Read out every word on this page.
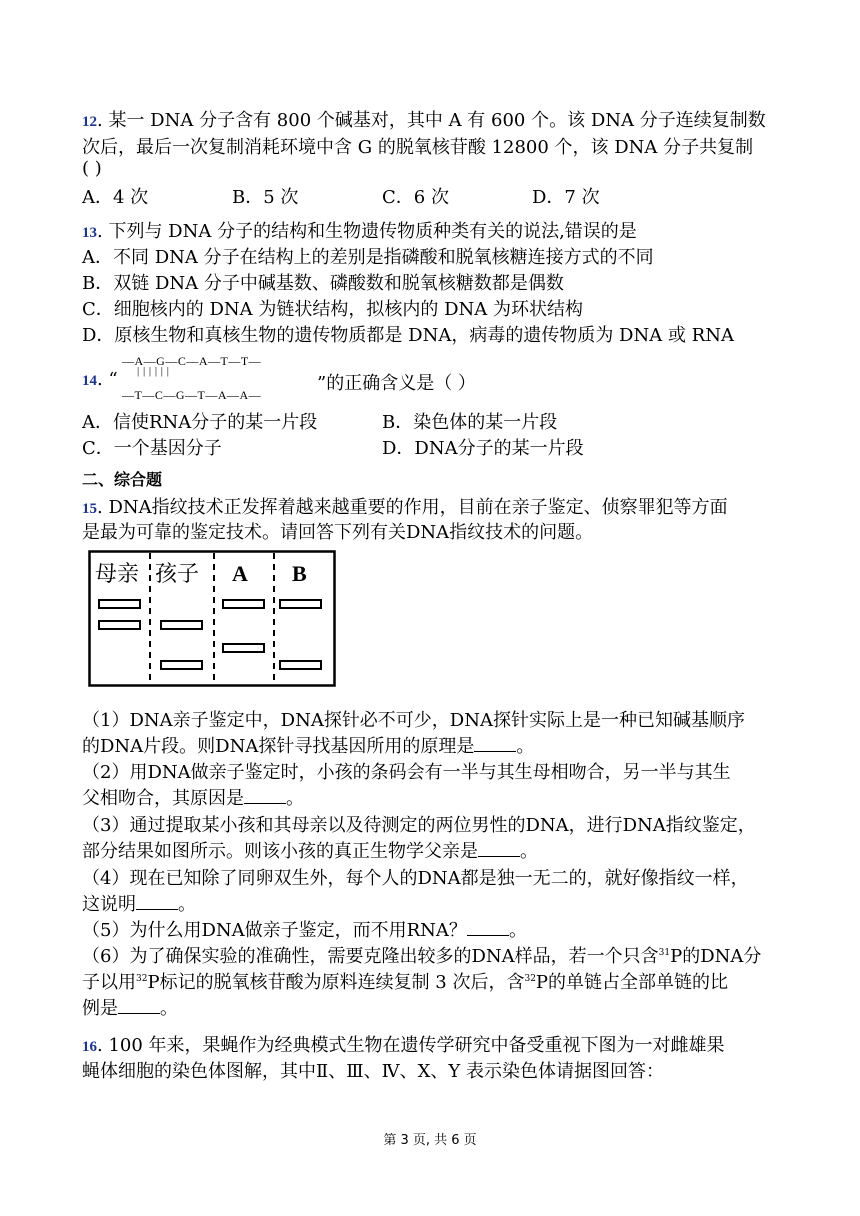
12. 某一 DNA 分子含有 800 个碱基对，其中 A 有 600 个。该 DNA 分子连续复制数
次后，最后一次复制消耗环境中含 G 的脱氧核苷酸 12800 个，该 DNA 分子共复制
( )
A．4 次	B．5 次	C．6 次	D．7 次
13. 下列与 DNA 分子的结构和生物遗传物质种类有关的说法,错误的是
A．不同 DNA 分子在结构上的差别是指磷酸和脱氧核糖连接方式的不同
B．双链 DNA 分子中碱基数、磷酸数和脱氧核糖数都是偶数
C．细胞核内的 DNA 为链状结构，拟核内的 DNA 为环状结构
D．原核生物和真核生物的遗传物质都是 DNA，病毒的遗传物质为 DNA 或 RNA
—A—G—C—A—T—T—
| | | | | |
—T—C—G—T—A—A—
14. “	”的正确含义是（ ）
A．信使RNA分子的某一片段	B．染色体的某一片段
C．一个基因分子	D．DNA分子的某一片段
二、综合题
15. DNA指纹技术正发挥着越来越重要的作用，目前在亲子鉴定、侦察罪犯等方面
是最为可靠的鉴定技术。请回答下列有关DNA指纹技术的问题。
母亲 孩子 A B
（1）DNA亲子鉴定中，DNA探针必不可少，DNA探针实际上是一种已知碱基顺序
的DNA片段。则DNA探针寻找基因所用的原理是 。
（2）用DNA做亲子鉴定时，小孩的条码会有一半与其生母相吻合，另一半与其生
父相吻合，其原因是 。
（3）通过提取某小孩和其母亲以及待测定的两位男性的DNA，进行DNA指纹鉴定，
部分结果如图所示。则该小孩的真正生物学父亲是 。
（4）现在已知除了同卵双生外，每个人的DNA都是独一无二的，就好像指纹一样，
这说明 。
（5）为什么用DNA做亲子鉴定，而不用RNA？ 。
（6）为了确保实验的准确性，需要克隆出较多的DNA样品，若一个只含$^{31}$P的DNA分
子以用$^{32}$P标记的脱氧核苷酸为原料连续复制 3 次后，含$^{32}$P的单链占全部单链的比
例是 。
16. 100 年来，果蝇作为经典模式生物在遗传学研究中备受重视下图为一对雌雄果
蝇体细胞的染色体图解，其中Ⅱ、Ⅲ、Ⅳ、X、Y 表示染色体请据图回答：
第 3 页, 共 6 页
